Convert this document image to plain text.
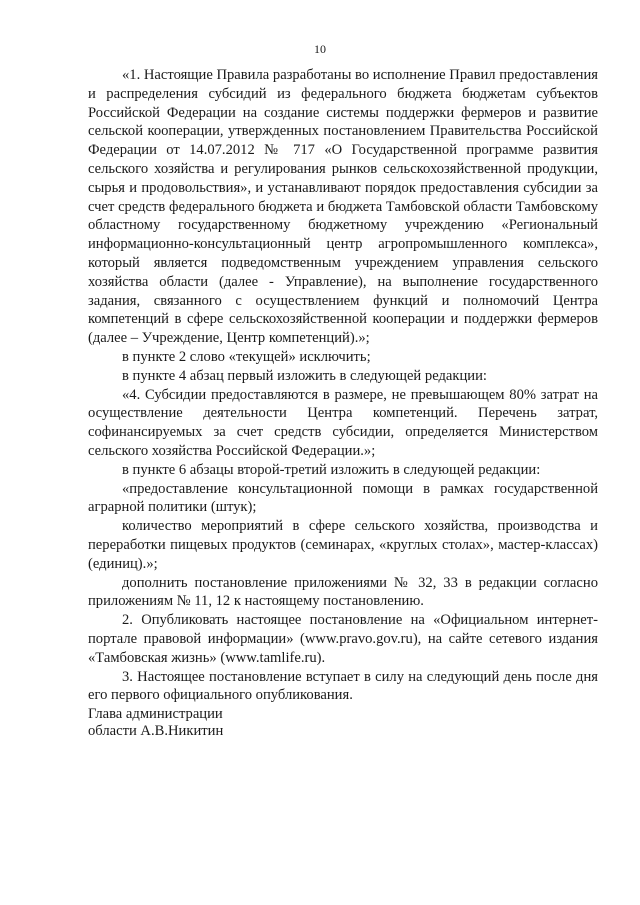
10

«1. Настоящие Правила разработаны во исполнение Правил предоставления и распределения субсидий из федерального бюджета бюджетам субъектов Российской Федерации на создание системы поддержки фермеров и развитие сельской кооперации, утвержденных постановлением Правительства Российской Федерации от 14.07.2012 № 717 «О Государственной программе развития сельского хозяйства и регулирования рынков сельскохозяйственной продукции, сырья и продовольствия», и устанавливают порядок предоставления субсидии за счет средств федерального бюджета и бюджета Тамбовской области Тамбовскому областному государственному бюджетному учреждению «Региональный информационно-консультационный центр агропромышленного комплекса», который является подведомственным учреждением управления сельского хозяйства области (далее - Управление), на выполнение государственного задания, связанного с осуществлением функций и полномочий Центра компетенций в сфере сельскохозяйственной кооперации и поддержки фермеров (далее – Учреждение, Центр компетенций).»;

в пункте 2 слово «текущей» исключить;

в пункте 4 абзац первый изложить в следующей редакции:

«4. Субсидии предоставляются в размере, не превышающем 80% затрат на осуществление деятельности Центра компетенций. Перечень затрат, софинансируемых за счет средств субсидии, определяется Министерством сельского хозяйства Российской Федерации.»;

в пункте 6 абзацы второй-третий изложить в следующей редакции:

«предоставление консультационной помощи в рамках государственной аграрной политики (штук);

количество мероприятий в сфере сельского хозяйства, производства и переработки пищевых продуктов (семинарах, «круглых столах», мастер-классах) (единиц).»;

дополнить постановление приложениями № 32, 33 в редакции согласно приложениям № 11, 12 к настоящему постановлению.

2. Опубликовать настоящее постановление на «Официальном интернет-портале правовой информации» (www.pravo.gov.ru), на сайте сетевого издания «Тамбовская жизнь» (www.tamlife.ru).

3. Настоящее постановление вступает в силу на следующий день после дня его первого официального опубликования.

Глава администрации
области А.В.Никитин
